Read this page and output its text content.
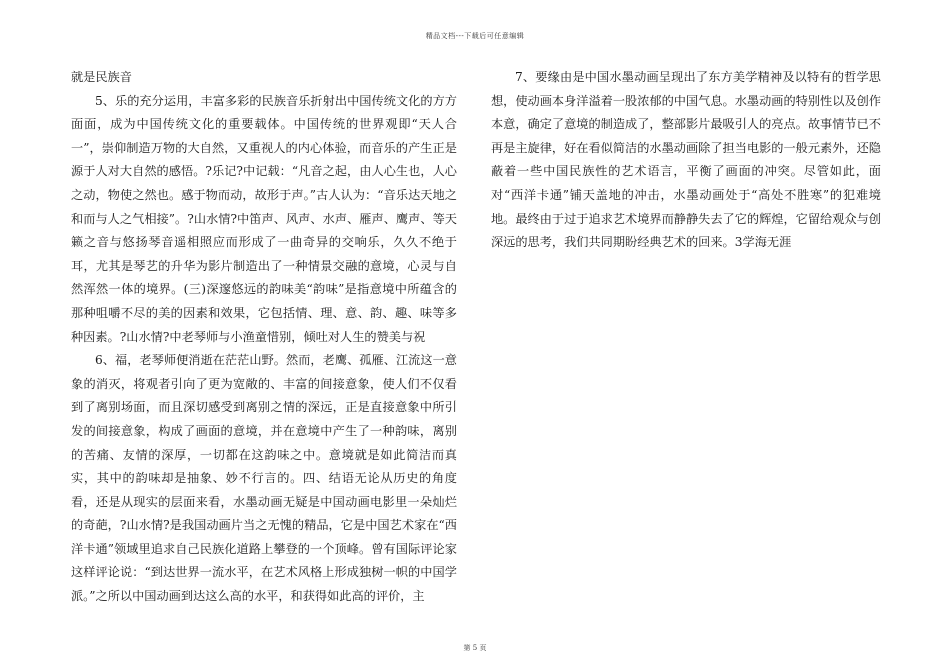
精品文档---下载后可任意编辑

就是民族音

5、乐的充分运用，丰富多彩的民族音乐折射出中国传统文化的方方面面，成为中国传统文化的重要载体。中国传统的世界观即“天人合一”，崇仰制造万物的大自然，又重视人的内心体验，而音乐的产生正是源于人对大自然的感悟。?乐记?中记载：“凡音之起，由人心生也，人心之动，物使之然也。感于物而动，故形于声。”古人认为：“音乐达天地之和而与人之气相接”。?山水情?中笛声、风声、水声、雁声、鹰声、等天籁之音与悠扬琴音遥相照应而形成了一曲奇异的交响乐，久久不绝于耳，尤其是琴艺的升华为影片制造出了一种情景交融的意境，心灵与自然浑然一体的境界。(三)深邃悠远的韵味美“韵味”是指意境中所蕴含的那种咀嚼不尽的美的因素和效果，它包括情、理、意、韵、趣、味等多种因素。?山水情?中老琴师与小渔童惜别，倾吐对人生的赞美与祝

6、福，老琴师便消逝在茫茫山野。然而，老鹰、孤雁、江流这一意象的消灭，将观者引向了更为宽敞的、丰富的间接意象，使人们不仅看到了离别场面，而且深切感受到离别之情的深远，正是直接意象中所引发的间接意象，构成了画面的意境，并在意境中产生了一种韵味，离别的苦痛、友情的深厚，一切都在这韵味之中。意境就是如此简洁而真实，其中的韵味却是抽象、妙不行言的。四、结语无论从历史的角度看，还是从现实的层面来看，水墨动画无疑是中国动画电影里一朵灿烂的奇葩，?山水情?是我国动画片当之无愧的精品，它是中国艺术家在“西洋卡通”领域里追求自己民族化道路上攀登的一个顶峰。曾有国际评论家这样评论说：“到达世界一流水平，在艺术风格上形成独树一帜的中国学派。”之所以中国动画到达这么高的水平，和获得如此高的评价，主

7、要缘由是中国水墨动画呈现出了东方美学精神及以特有的哲学思想，使动画本身洋溢着一股浓郁的中国气息。水墨动画的特别性以及创作本意，确定了意境的制造成了，整部影片最吸引人的亮点。故事情节已不再是主旋律，好在看似简洁的水墨动画除了担当电影的一般元素外，还隐蔽着一些中国民族性的艺术语言，平衡了画面的冲突。尽管如此，面对“西洋卡通”铺天盖地的冲击，水墨动画处于“高处不胜寒”的犯难境地。最终由于过于追求艺术境界而静静失去了它的辉煌，它留给观众与创深远的思考，我们共同期盼经典艺术的回来。3学海无涯

第 5 页
